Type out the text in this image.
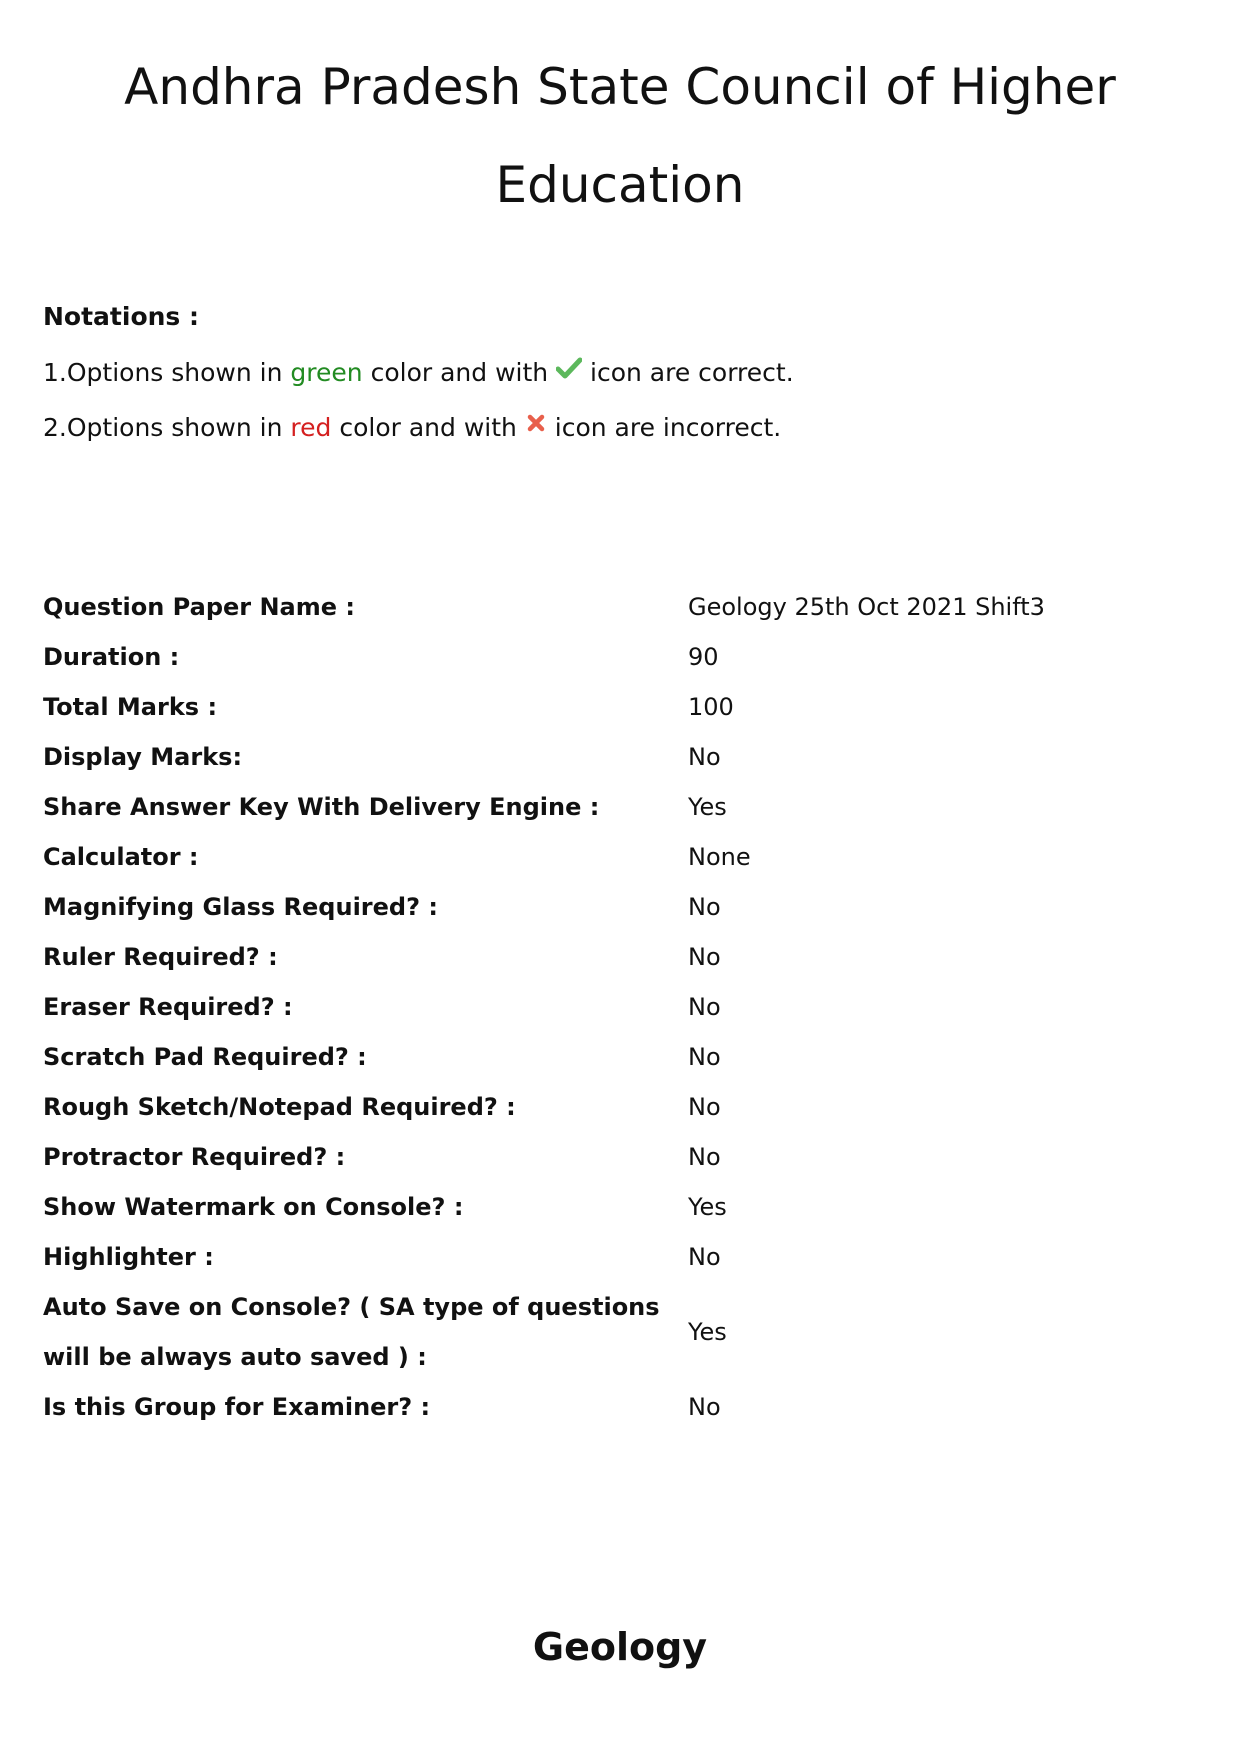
Andhra Pradesh State Council of Higher Education

Notations :

1.Options shown in green color and with icon are correct.

2.Options shown in red color and with icon are incorrect.

Question Paper Name :	Geology 25th Oct 2021 Shift3
Duration :	90
Total Marks :	100
Display Marks:	No
Share Answer Key With Delivery Engine :	Yes
Calculator :	None
Magnifying Glass Required? :	No
Ruler Required? :	No
Eraser Required? :	No
Scratch Pad Required? :	No
Rough Sketch/Notepad Required? :	No
Protractor Required? :	No
Show Watermark on Console? :	Yes
Highlighter :	No
Auto Save on Console? ( SA type of questions will be always auto saved ) :
Yes
Is this Group for Examiner? :	No
Geology
